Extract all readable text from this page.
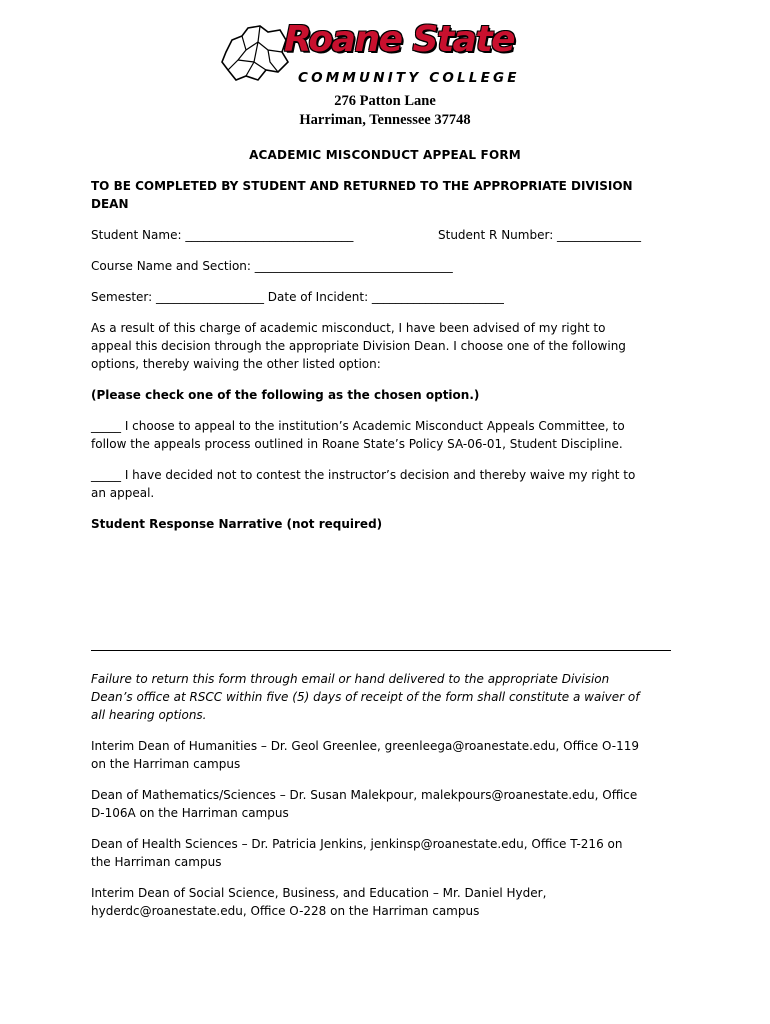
Roane State
COMMUNITY COLLEGE
276 Patton Lane
Harriman, Tennessee 37748
ACADEMIC MISCONDUCT APPEAL FORM
TO BE COMPLETED BY STUDENT AND RETURNED TO THE APPROPRIATE DIVISION
DEAN
Student Name: ____________________________	Student R Number: ______________
Course Name and Section: _________________________________
Semester: __________________ Date of Incident: ______________________
As a result of this charge of academic misconduct, I have been advised of my right to
appeal this decision through the appropriate Division Dean. I choose one of the following
options, thereby waiving the other listed option:
(Please check one of the following as the chosen option.)
_____ I choose to appeal to the institution’s Academic Misconduct Appeals Committee, to
follow the appeals process outlined in Roane State’s Policy SA-06-01, Student Discipline.
_____ I have decided not to contest the instructor’s decision and thereby waive my right to
an appeal.
Student Response Narrative (not required)
Failure to return this form through email or hand delivered to the appropriate Division
Dean’s office at RSCC within five (5) days of receipt of the form shall constitute a waiver of
all hearing options.
Interim Dean of Humanities – Dr. Geol Greenlee, greenleega@roanestate.edu, Office O-119
on the Harriman campus
Dean of Mathematics/Sciences – Dr. Susan Malekpour, malekpours@roanestate.edu, Office
D-106A on the Harriman campus
Dean of Health Sciences – Dr. Patricia Jenkins, jenkinsp@roanestate.edu, Office T-216 on
the Harriman campus
Interim Dean of Social Science, Business, and Education – Mr. Daniel Hyder,
hyderdc@roanestate.edu, Office O-228 on the Harriman campus
